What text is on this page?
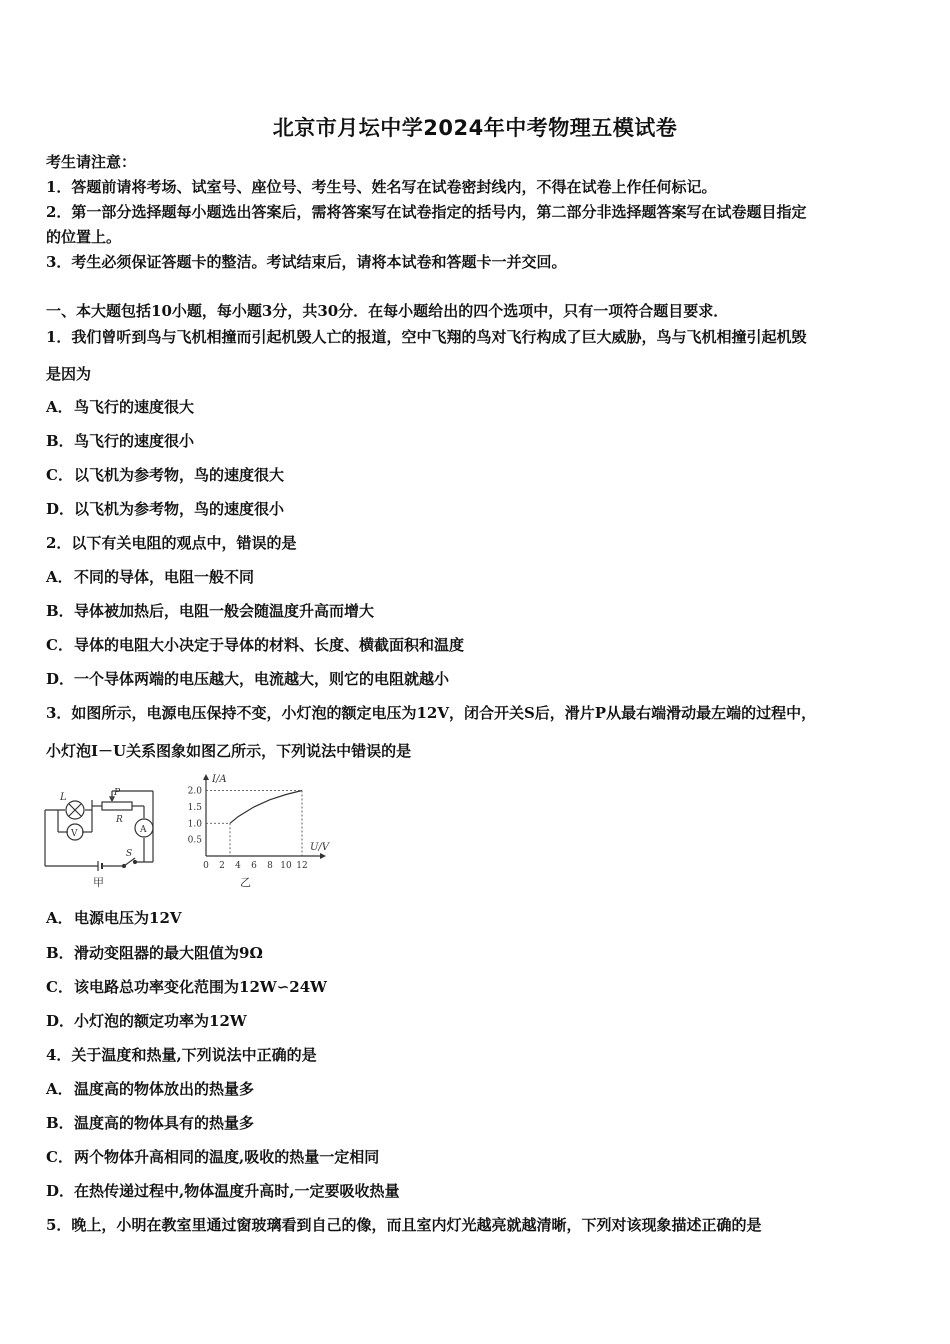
北京市月坛中学2024年中考物理五模试卷
考生请注意：
1．答题前请将考场、试室号、座位号、考生号、姓名写在试卷密封线内，不得在试卷上作任何标记。
2．第一部分选择题每小题选出答案后，需将答案写在试卷指定的括号内，第二部分非选择题答案写在试卷题目指定
的位置上。
3．考生必须保证答题卡的整洁。考试结束后，请将本试卷和答题卡一并交回。
一、本大题包括10小题，每小题3分，共30分．在每小题给出的四个选项中，只有一项符合题目要求．
1．我们曾听到鸟与飞机相撞而引起机毁人亡的报道，空中飞翔的鸟对飞行构成了巨大威胁，鸟与飞机相撞引起机毁
是因为
A．鸟飞行的速度很大
B．鸟飞行的速度很小
C．以飞机为参考物，鸟的速度很大
D．以飞机为参考物，鸟的速度很小
2．以下有关电阻的观点中，错误的是
A．不同的导体，电阻一般不同
B．导体被加热后，电阻一般会随温度升高而增大
C．导体的电阻大小决定于导体的材料、长度、横截面积和温度
D．一个导体两端的电压越大，电流越大，则它的电阻就越小
3．如图所示，电源电压保持不变，小灯泡的额定电压为12V，闭合开关S后，滑片P从最右端滑动最左端的过程中，
小灯泡I－U关系图象如图乙所示，下列说法中错误的是
L
V
P
R
A
S
甲
0 2 4 6 8 10 12
0.5
1.0
1.5
2.0
U/V
I/A
乙
A．电源电压为12V
B．滑动变阻器的最大阻值为9Ω
C．该电路总功率变化范围为12W∽24W
D．小灯泡的额定功率为12W
4．关于温度和热量,下列说法中正确的是
A．温度高的物体放出的热量多
B．温度高的物体具有的热量多
C．两个物体升高相同的温度,吸收的热量一定相同
D．在热传递过程中,物体温度升高时,一定要吸收热量
5．晚上，小明在教室里通过窗玻璃看到自己的像，而且室内灯光越亮就越清晰，下列对该现象描述正确的是
